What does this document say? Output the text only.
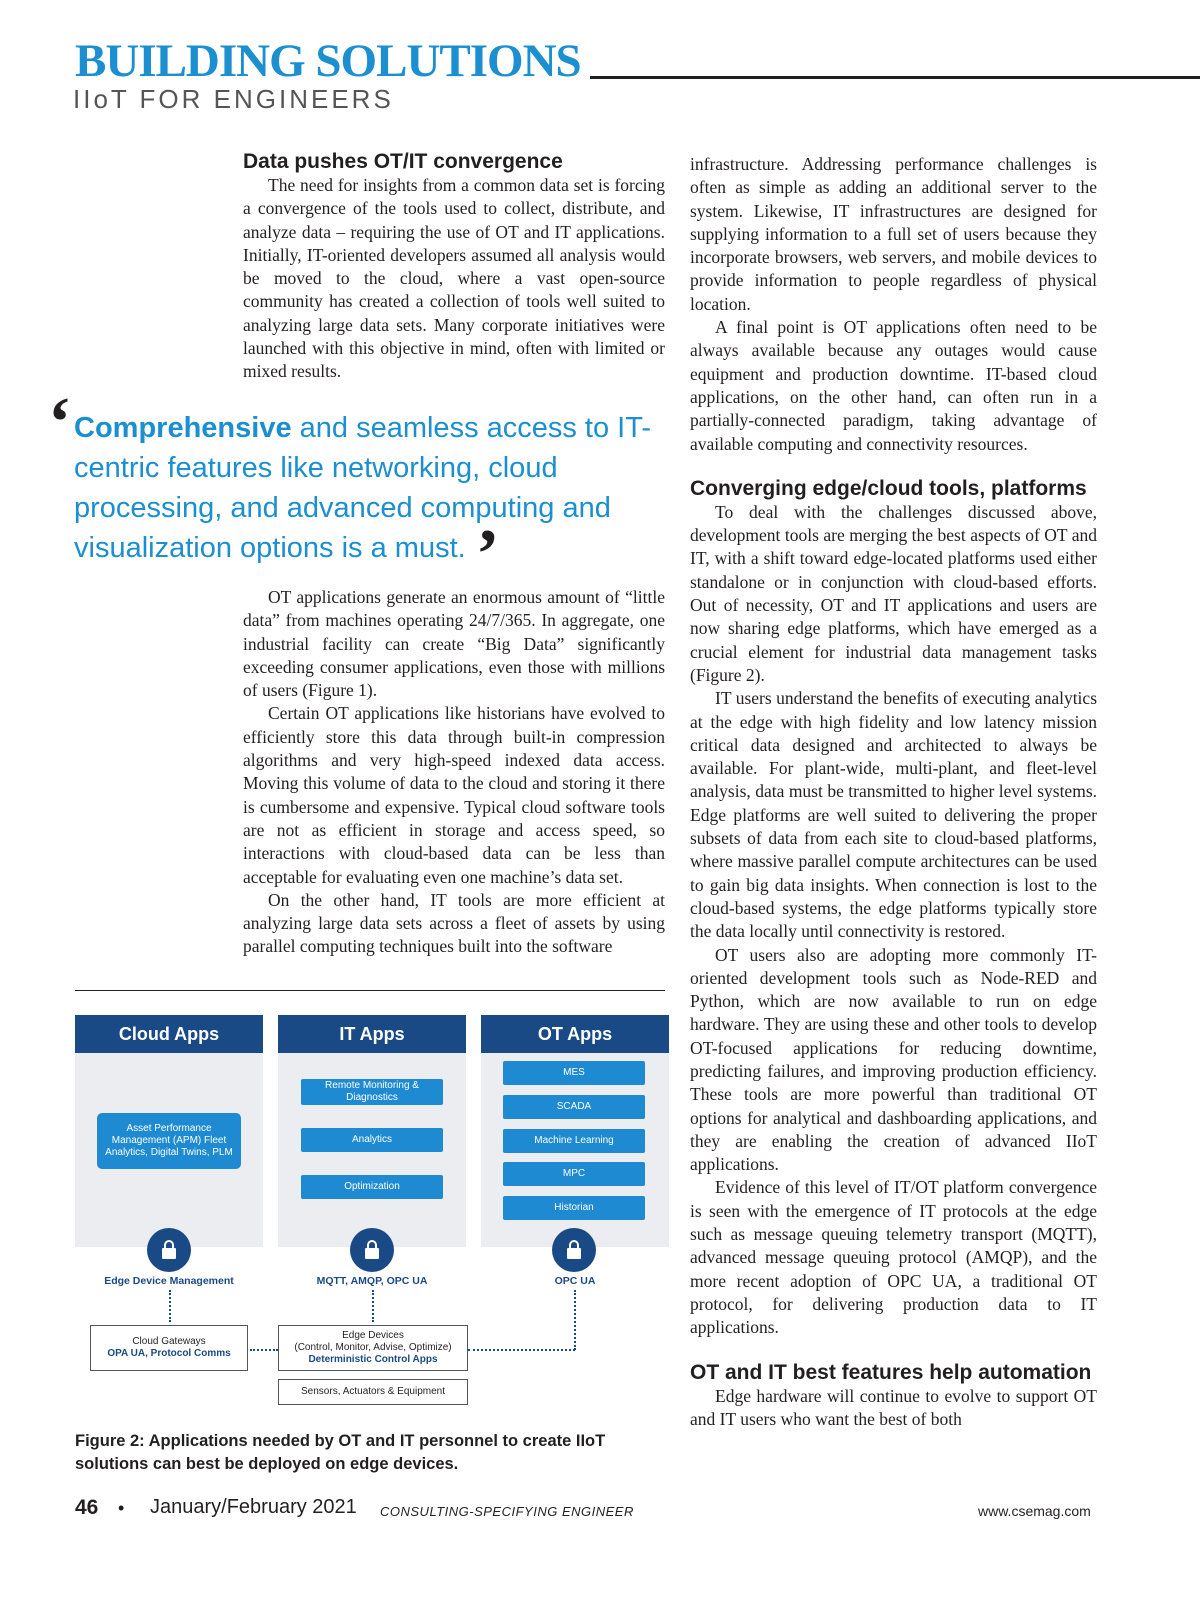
BUILDING SOLUTIONS
IIoT FOR ENGINEERS
Data pushes OT/IT convergence

The need for insights from a common data set is forcing a convergence of the tools used to collect, distribute, and analyze data – requiring the use of OT and IT applications. Initially, IT-oriented developers assumed all analysis would be moved to the cloud, where a vast open-source community has created a collection of tools well suited to analyzing large data sets. Many corporate initiatives were launched with this objective in mind, often with limited or mixed results.

‘ Comprehensive and seamless access to IT-centric features like networking, cloud processing, and advanced computing and visualization options is a must. ’

OT applications generate an enormous amount of “little data” from machines operating 24/7/365. In aggregate, one industrial facility can create “Big Data” significantly exceeding consumer applications, even those with millions of users (Figure 1).

Certain OT applications like historians have evolved to efficiently store this data through built-in compression algorithms and very high-speed indexed data access. Moving this volume of data to the cloud and storing it there is cumbersome and expensive. Typical cloud software tools are not as efficient in storage and access speed, so interactions with cloud-based data can be less than acceptable for evaluating even one machine’s data set.

On the other hand, IT tools are more efficient at analyzing large data sets across a fleet of assets by using parallel computing techniques built into the software

infrastructure. Addressing performance challenges is often as simple as adding an additional server to the system. Likewise, IT infrastructures are designed for supplying information to a full set of users because they incorporate browsers, web servers, and mobile devices to provide information to people regardless of physical location.

A final point is OT applications often need to be always available because any outages would cause equipment and production downtime. IT-based cloud applications, on the other hand, can often run in a partially-connected paradigm, taking advantage of available computing and connectivity resources.

Converging edge/cloud tools, platforms

To deal with the challenges discussed above, development tools are merging the best aspects of OT and IT, with a shift toward edge-located platforms used either standalone or in conjunction with cloud-based efforts. Out of necessity, OT and IT applications and users are now sharing edge platforms, which have emerged as a crucial element for industrial data management tasks (Figure 2).

IT users understand the benefits of executing analytics at the edge with high fidelity and low latency mission critical data designed and architected to always be available. For plant-wide, multi-plant, and fleet-level analysis, data must be transmitted to higher level systems. Edge platforms are well suited to delivering the proper subsets of data from each site to cloud-based platforms, where massive parallel compute architectures can be used to gain big data insights. When connection is lost to the cloud-based systems, the edge platforms typically store the data locally until connectivity is restored.

OT users also are adopting more commonly IT-oriented development tools such as Node-RED and Python, which are now available to run on edge hardware. They are using these and other tools to develop OT-focused applications for reducing downtime, predicting failures, and improving production efficiency. These tools are more powerful than traditional OT options for analytical and dashboarding applications, and they are enabling the creation of advanced IIoT applications.

Evidence of this level of IT/OT platform convergence is seen with the emergence of IT protocols at the edge such as message queuing telemetry transport (MQTT), advanced message queuing protocol (AMQP), and the more recent adoption of OPC UA, a traditional OT protocol, for delivering production data to IT applications.

OT and IT best features help automation

Edge hardware will continue to evolve to support OT and IT users who want the best of both

Cloud Apps
Asset Performance Management (APM) Fleet Analytics, Digital Twins, PLM
IT Apps
Remote Monitoring & Diagnostics
Analytics
Optimization
OT Apps
MES
SCADA
Machine Learning
MPC
Historian
Edge Device Management	MQTT, AMQP, OPC UA	OPC UA
Cloud Gateways
OPA UA, Protocol Comms
Edge Devices
(Control, Monitor, Advise, Optimize)
Deterministic Control Apps
Sensors, Actuators & Equipment
Figure 2: Applications needed by OT and IT personnel to create IIoT solutions can best be deployed on edge devices.
46 • January/February 2021 CONSULTING-SPECIFYING ENGINEER	www.csemag.com
